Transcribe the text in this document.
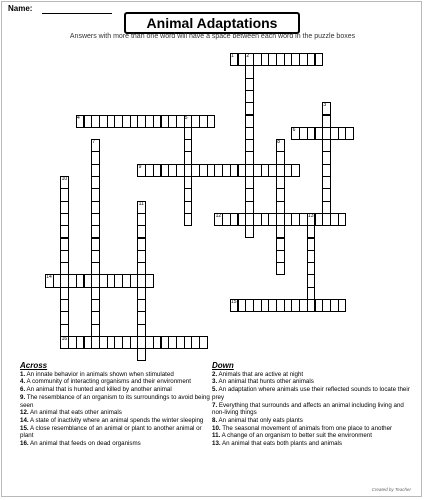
Name:
Animal Adaptations
Answers with more than one word will have a space between each word in the puzzle boxes
1	2
3
4	5
6
7	8
9
10
11
12	13
14
15
16
Across
1. An innate behavior in animals shown when stimulated
4. A community of interacting organisms and their environment
6. An animal that is hunted and killed by another animal
9. The resemblance of an organism to its surroundings to avoid being seen
12. An animal that eats other animals
14. A state of inactivity where an animal spends the winter sleeping
15. A close resemblance of an animal or plant to another animal or plant
16. An animal that feeds on dead organisms
Down
2. Animals that are active at night
3. An animal that hunts other animals
5. An adaptation where animals use their reflected sounds to locate their prey
7. Everything that surrounds and affects an animal including living and non-living things
8. An animal that only eats plants
10. The seasonal movement of animals from one place to another
11. A change of an organism to better suit the environment
13. An animal that eats both plants and animals
Created by Teacher
